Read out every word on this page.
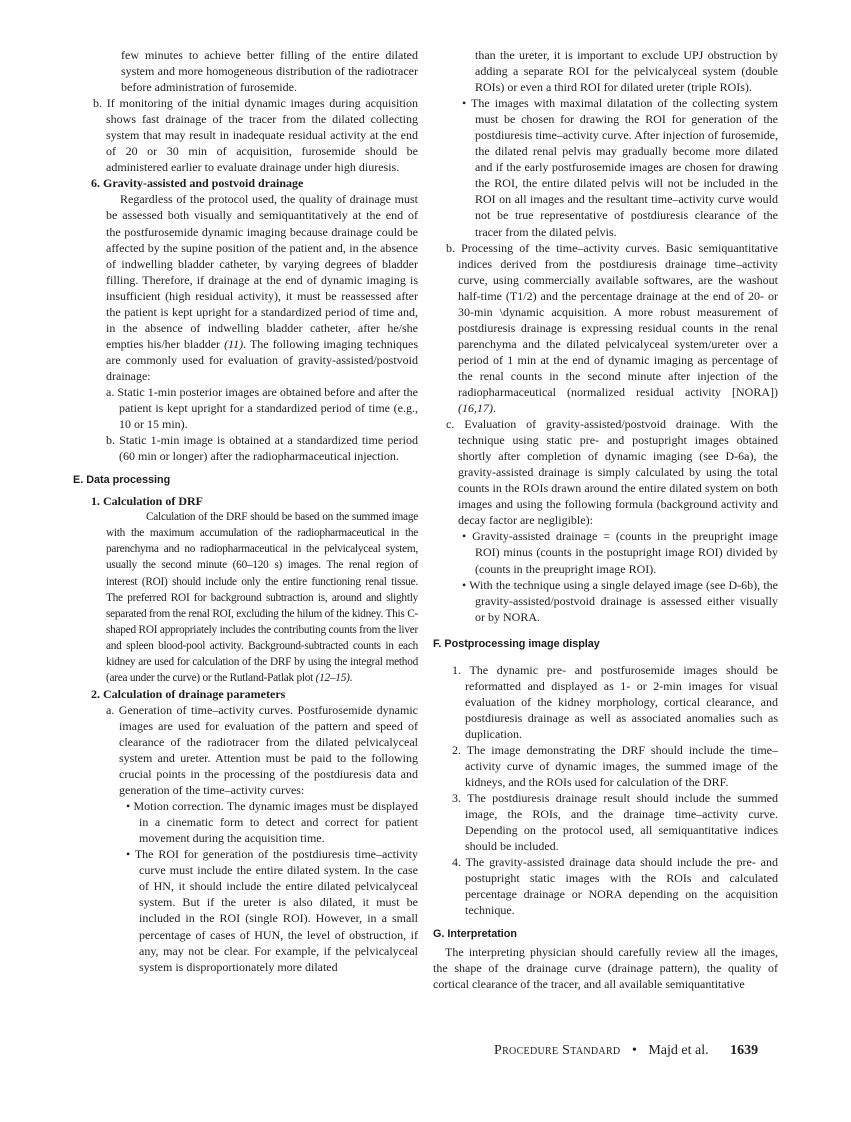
few minutes to achieve better filling of the entire dilated system and more homogeneous distribution of the radiotracer before administration of furosemide.

b. If monitoring of the initial dynamic images during acquisition shows fast drainage of the tracer from the dilated collecting system that may result in inadequate residual activity at the end of 20 or 30 min of acquisition, furosemide should be administered earlier to evaluate drainage under high diuresis.

6. Gravity-assisted and postvoid drainage

Regardless of the protocol used, the quality of drainage must be assessed both visually and semiquantitatively at the end of the postfurosemide dynamic imaging because drainage could be affected by the supine position of the patient and, in the absence of indwelling bladder catheter, by varying degrees of bladder filling. Therefore, if drainage at the end of dynamic imaging is insufficient (high residual activity), it must be reassessed after the patient is kept upright for a standardized period of time and, in the absence of indwelling bladder catheter, after he/she empties his/her bladder (11). The following imaging techniques are commonly used for evaluation of gravity-assisted/postvoid drainage:

a. Static 1-min posterior images are obtained before and after the patient is kept upright for a standardized period of time (e.g., 10 or 15 min).

b. Static 1-min image is obtained at a standardized time period (60 min or longer) after the radiopharmaceutical injection.

E. Data processing

1. Calculation of DRF

Calculation of the DRF should be based on the summed image with the maximum accumulation of the radiopharmaceutical in the parenchyma and no radiopharmaceutical in the pelvicalyceal system, usually the second minute (60–120 s) images. The renal region of interest (ROI) should include only the entire functioning renal tissue. The preferred ROI for background subtraction is, around and slightly separated from the renal ROI, excluding the hilum of the kidney. This C-shaped ROI appropriately includes the contributing counts from the liver and spleen blood-pool activity. Background-subtracted counts in each kidney are used for calculation of the DRF by using the integral method (area under the curve) or the Rutland-Patlak plot (12–15).

2. Calculation of drainage parameters

a. Generation of time–activity curves. Postfurosemide dynamic images are used for evaluation of the pattern and speed of clearance of the radiotracer from the dilated pelvicalyceal system and ureter. Attention must be paid to the following crucial points in the processing of the postdiuresis data and generation of the time–activity curves:

• Motion correction. The dynamic images must be displayed in a cinematic form to detect and correct for patient movement during the acquisition time.

• The ROI for generation of the postdiuresis time–activity curve must include the entire dilated system. In the case of HN, it should include the entire dilated pelvicalyceal system. But if the ureter is also dilated, it must be included in the ROI (single ROI). However, in a small percentage of cases of HUN, the level of obstruction, if any, may not be clear. For example, if the pelvicalyceal system is disproportionately more dilated

than the ureter, it is important to exclude UPJ obstruction by adding a separate ROI for the pelvicalyceal system (double ROIs) or even a third ROI for dilated ureter (triple ROIs).

• The images with maximal dilatation of the collecting system must be chosen for drawing the ROI for generation of the postdiuresis time–activity curve. After injection of furosemide, the dilated renal pelvis may gradually become more dilated and if the early postfurosemide images are chosen for drawing the ROI, the entire dilated pelvis will not be included in the ROI on all images and the resultant time–activity curve would not be true representative of postdiuresis clearance of the tracer from the dilated pelvis.

b. Processing of the time–activity curves. Basic semiquantitative indices derived from the postdiuresis drainage time–activity curve, using commercially available softwares, are the washout half-time (T1/2) and the percentage drainage at the end of 20- or 30-min \dynamic acquisition. A more robust measurement of postdiuresis drainage is expressing residual counts in the renal parenchyma and the dilated pelvicalyceal system/ureter over a period of 1 min at the end of dynamic imaging as percentage of the renal counts in the second minute after injection of the radiopharmaceutical (normalized residual activity [NORA]) (16,17).

c. Evaluation of gravity-assisted/postvoid drainage. With the technique using static pre- and postupright images obtained shortly after completion of dynamic imaging (see D-6a), the gravity-assisted drainage is simply calculated by using the total counts in the ROIs drawn around the entire dilated system on both images and using the following formula (background activity and decay factor are negligible):

• Gravity-assisted drainage = (counts in the preupright image ROI) minus (counts in the postupright image ROI) divided by (counts in the preupright image ROI).

• With the technique using a single delayed image (see D-6b), the gravity-assisted/postvoid drainage is assessed either visually or by NORA.

F. Postprocessing image display

1. The dynamic pre- and postfurosemide images should be reformatted and displayed as 1- or 2-min images for visual evaluation of the kidney morphology, cortical clearance, and postdiuresis drainage as well as associated anomalies such as duplication.

2. The image demonstrating the DRF should include the time–activity curve of dynamic images, the summed image of the kidneys, and the ROIs used for calculation of the DRF.

3. The postdiuresis drainage result should include the summed image, the ROIs, and the drainage time–activity curve. Depending on the protocol used, all semiquantitative indices should be included.

4. The gravity-assisted drainage data should include the pre- and postupright static images with the ROIs and calculated percentage drainage or NORA depending on the acquisition technique.

G. Interpretation

The interpreting physician should carefully review all the images, the shape of the drainage curve (drainage pattern), the quality of cortical clearance of the tracer, and all available semiquantitative

Procedure Standard • Majd et al. 1639
